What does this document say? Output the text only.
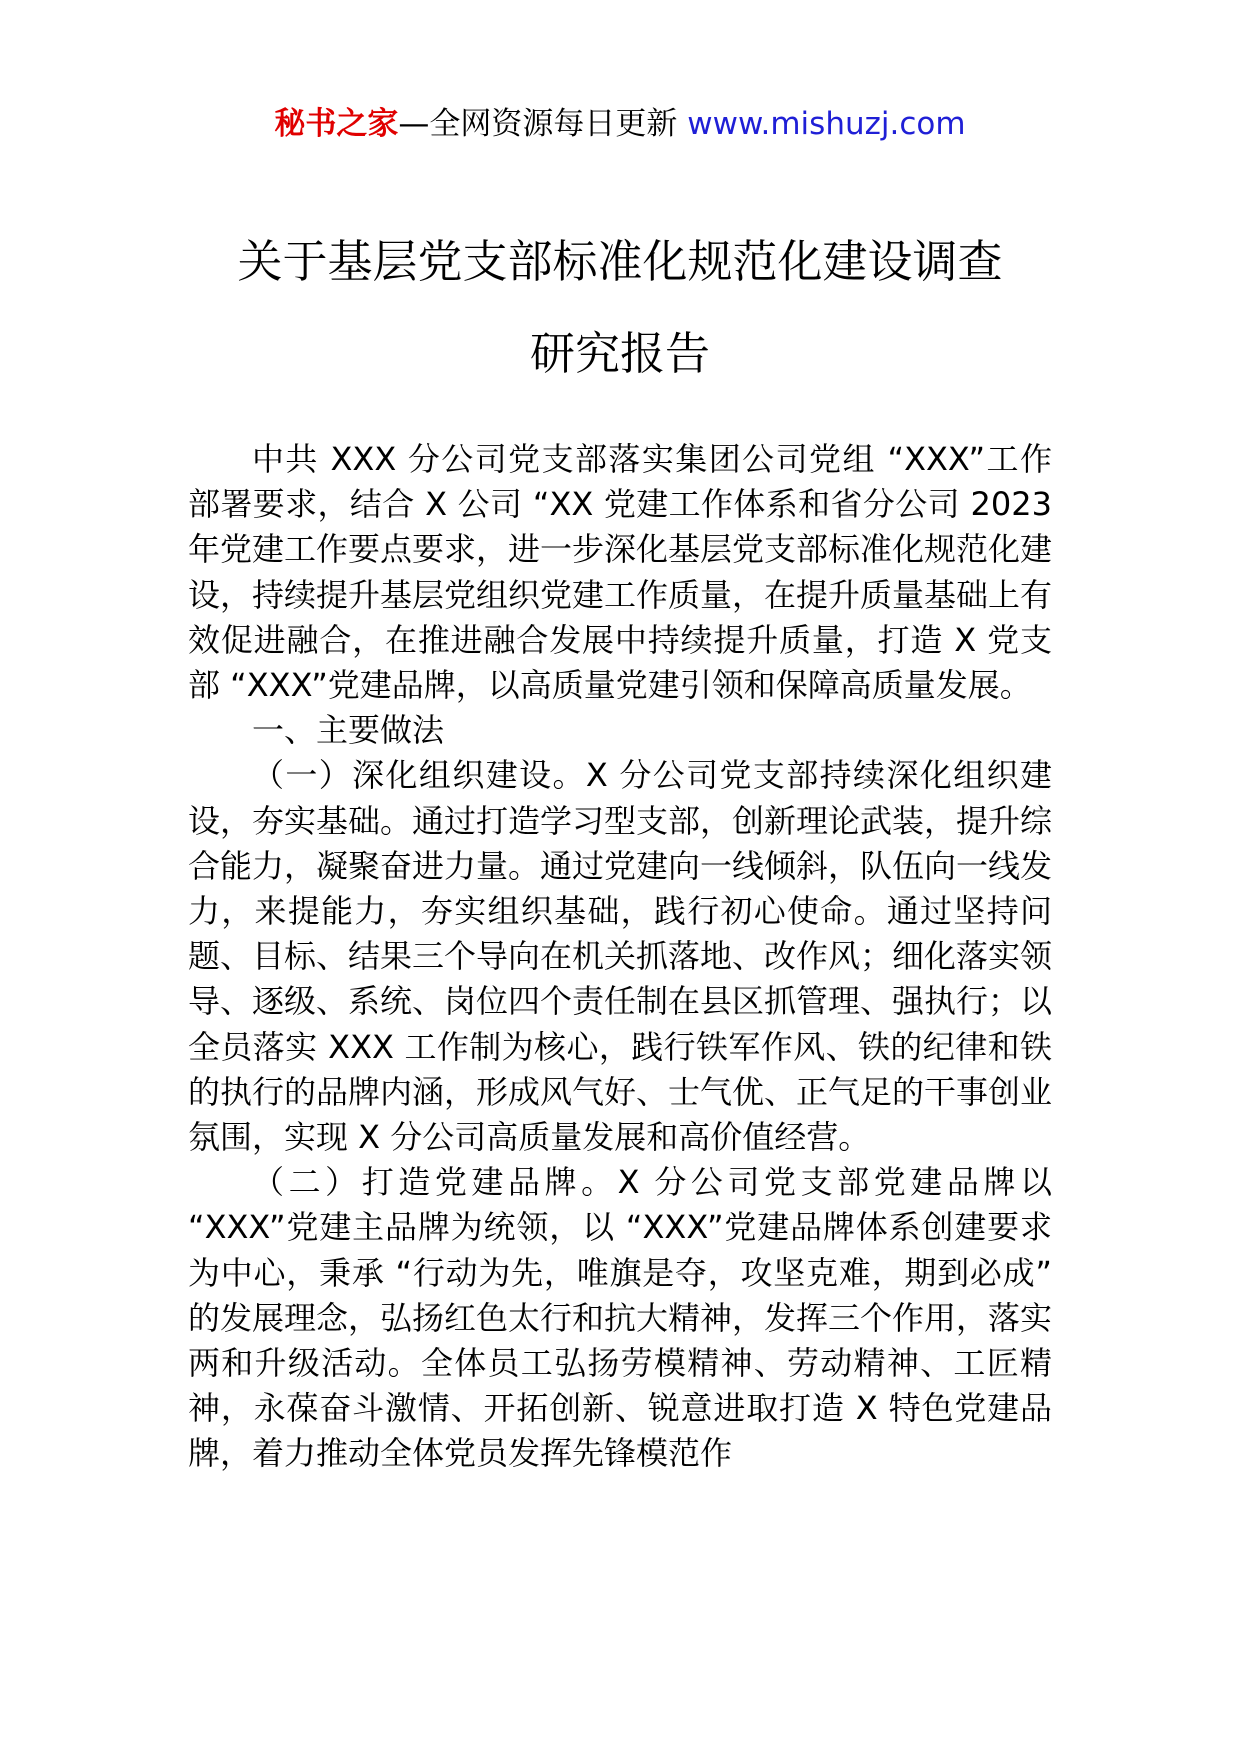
秘书之家—全网资源每日更新 www.mishuzj.com
关于基层党支部标准化规范化建设调查
研究报告

中共 XXX 分公司党支部落实集团公司党组 “XXX”工作部署要求，结合 X 公司 “XX 党建工作体系和省分公司 2023 年党建工作要点要求，进一步深化基层党支部标准化规范化建设，持续提升基层党组织党建工作质量，在提升质量基础上有效促进融合，在推进融合发展中持续提升质量，打造 X 党支部 “XXX”党建品牌，以高质量党建引领和保障高质量发展。

一、主要做法

（一）深化组织建设。X 分公司党支部持续深化组织建设，夯实基础。通过打造学习型支部，创新理论武装，提升综合能力，凝聚奋进力量。通过党建向一线倾斜，队伍向一线发力，来提能力，夯实组织基础，践行初心使命。通过坚持问题、目标、结果三个导向在机关抓落地、改作风；细化落实领导、逐级、系统、岗位四个责任制在县区抓管理、强执行；以全员落实 XXX 工作制为核心，践行铁军作风、铁的纪律和铁的执行的品牌内涵，形成风气好、士气优、正气足的干事创业氛围，实现 X 分公司高质量发展和高价值经营。

（二）打造党建品牌。X 分公司党支部党建品牌以 “XXX”党建主品牌为统领，以 “XXX”党建品牌体系创建要求为中心，秉承 “行动为先，唯旗是夺，攻坚克难，期到必成” 的发展理念，弘扬红色太行和抗大精神，发挥三个作用，落实两和升级活动。全体员工弘扬劳模精神、劳动精神、工匠精神，永葆奋斗激情、开拓创新、锐意进取打造 X 特色党建品牌，着力推动全体党员发挥先锋模范作
